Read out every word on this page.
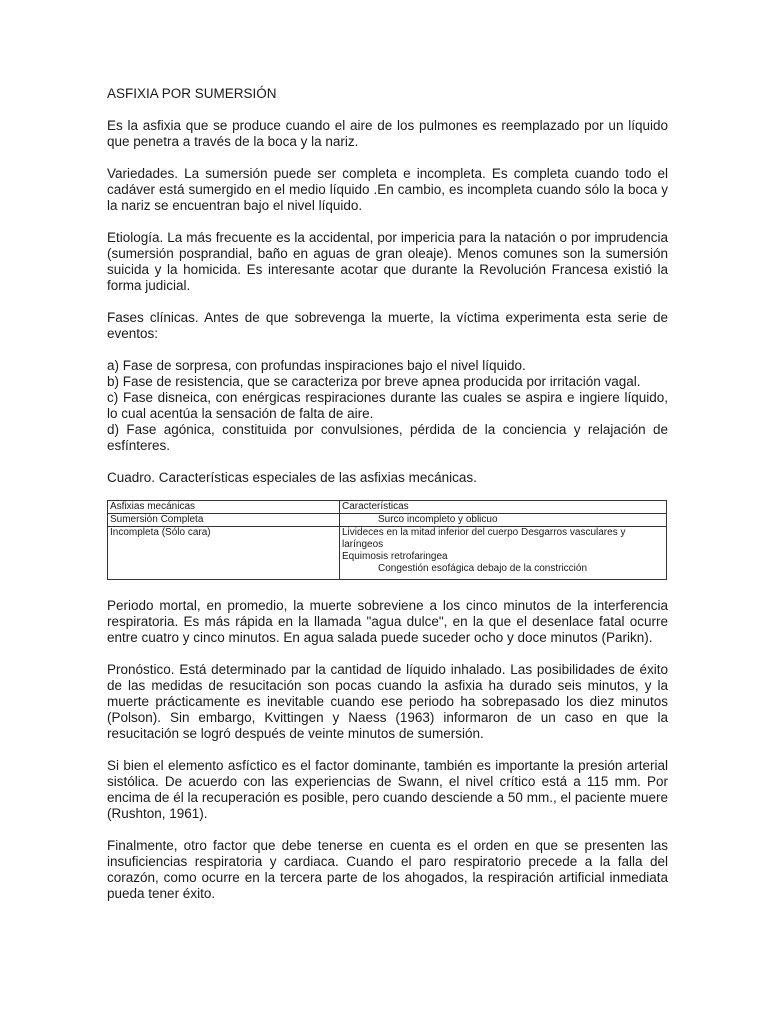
ASFIXIA POR SUMERSIÓN

Es la asfixia que se produce cuando el aire de los pulmones es reemplazado por un líquido que penetra a través de la boca y la nariz.

Variedades. La sumersión puede ser completa e incompleta. Es completa cuando todo el cadáver está sumergido en el medio líquido .En cambio, es incompleta cuando sólo la boca y la nariz se encuentran bajo el nivel líquido.

Etiología. La más frecuente es la accidental, por impericia para la natación o por imprudencia (sumersión posprandial, baño en aguas de gran oleaje). Menos comunes son la sumersión suicida y la homicida. Es interesante acotar que durante la Revolución Francesa existió la forma judicial.

Fases clínicas. Antes de que sobrevenga la muerte, la víctima experimenta esta serie de eventos:

a) Fase de sorpresa, con profundas inspiraciones bajo el nivel líquido.
b) Fase de resistencia, que se caracteriza por breve apnea producida por irritación vagal.
c) Fase disneica, con enérgicas respiraciones durante las cuales se aspira e ingiere líquido, lo cual acentúa la sensación de falta de aire.
d) Fase agónica, constituida por convulsiones, pérdida de la conciencia y relajación de esfínteres.

Cuadro. Características especiales de las asfixias mecánicas.

Asfixias mecánicas	Características
Sumersión Completa	Surco incompleto y oblicuo

Incompleta (Sólo cara)	Livideces en la mitad inferior del cuerpo Desgarros vasculares y laríngeos
Equimosis retrofaringea
Congestión esofágica debajo de la constricción

Periodo mortal, en promedio, la muerte sobreviene a los cinco minutos de la interferencia respiratoria. Es más rápida en la llamada "agua dulce", en la que el desenlace fatal ocurre entre cuatro y cinco minutos. En agua salada puede suceder ocho y doce minutos (Parikn).

Pronóstico. Está determinado par la cantidad de líquido inhalado. Las posibilidades de éxito de las medidas de resucitación son pocas cuando la asfixia ha durado seis minutos, y la muerte prácticamente es inevitable cuando ese periodo ha sobrepasado los diez minutos (Polson). Sin embargo, Kvittingen y Naess (1963) informaron de un caso en que la resucitación se logró después de veinte minutos de sumersión.

Si bien el elemento asfíctico es el factor dominante, también es importante la presión arterial sistólica. De acuerdo con las experiencias de Swann, el nivel crítico está a 115 mm. Por encima de él la recuperación es posible, pero cuando desciende a 50 mm., el paciente muere (Rushton, 1961).

Finalmente, otro factor que debe tenerse en cuenta es el orden en que se presenten las insuficiencias respiratoria y cardiaca. Cuando el paro respiratorio precede a la falla del corazón, como ocurre en la tercera parte de los ahogados, la respiración artificial inmediata pueda tener éxito.
